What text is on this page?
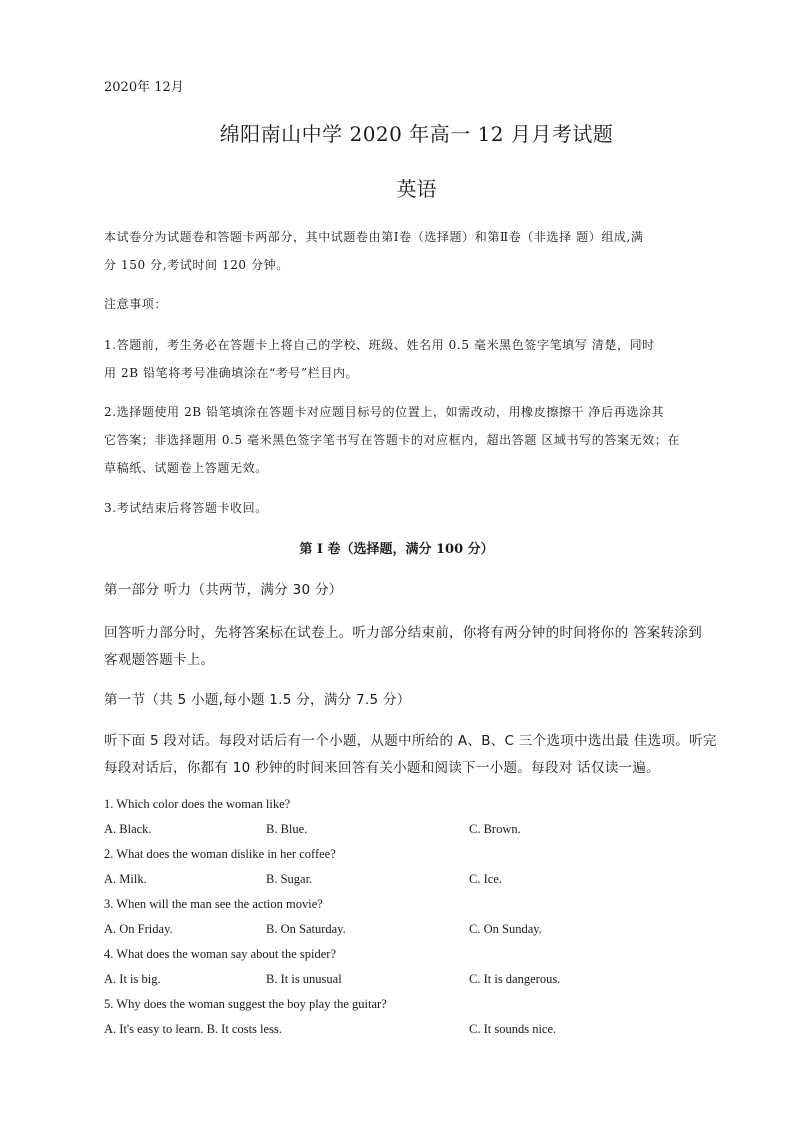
2020年 12月
绵阳南山中学 2020 年高一 12 月月考试题
英语
本试卷分为试题卷和答题卡两部分，其中试题卷由第Ⅰ卷（选择题）和第Ⅱ卷（非选择 题）组成,满
分 150 分,考试时间 120 分钟。
注意事项：
1.答题前，考生务必在答题卡上将自己的学校、班级、姓名用 0.5 毫米黑色签字笔填写 清楚，同时
用 2B 铅笔将考号准确填涂在“考号”栏目内。
2.选择题使用 2B 铅笔填涂在答题卡对应题目标号的位置上，如需改动，用橡皮擦擦干 净后再选涂其
它答案；非选择题用 0.5 毫米黑色签字笔书写在答题卡的对应框内，超出答题 区域书写的答案无效；在
草稿纸、试题卷上答题无效。
3.考试结束后将答题卡收回。
第 I 卷（选择题，满分 100 分）
第一部分 听力（共两节，满分 30 分）
回答听力部分时，先将答案标在试卷上。听力部分结束前，你将有两分钟的时间将你的 答案转涂到
客观题答题卡上。
第一节（共 5 小题,每小题 1.5 分，满分 7.5 分）
听下面 5 段对话。每段对话后有一个小题，从题中所给的 A、B、C 三个选项中选出最 佳选项。听完
每段对话后，你都有 10 秒钟的时间来回答有关小题和阅读下一小题。每段对 话仅读一遍。
1. Which color does the woman like?
A. Black.	B. Blue.	C. Brown.
2. What does the woman dislike in her coffee?
A. Milk.	B. Sugar.	C. Ice.
3. When will the man see the action movie?
A. On Friday.	B. On Saturday.	C. On Sunday.
4. What does the woman say about the spider?
A. It is big.	B. It is unusual	C. It is dangerous.
5. Why does the woman suggest the boy play the guitar?
A. It's easy to learn. B. It costs less.	C. It sounds nice.
